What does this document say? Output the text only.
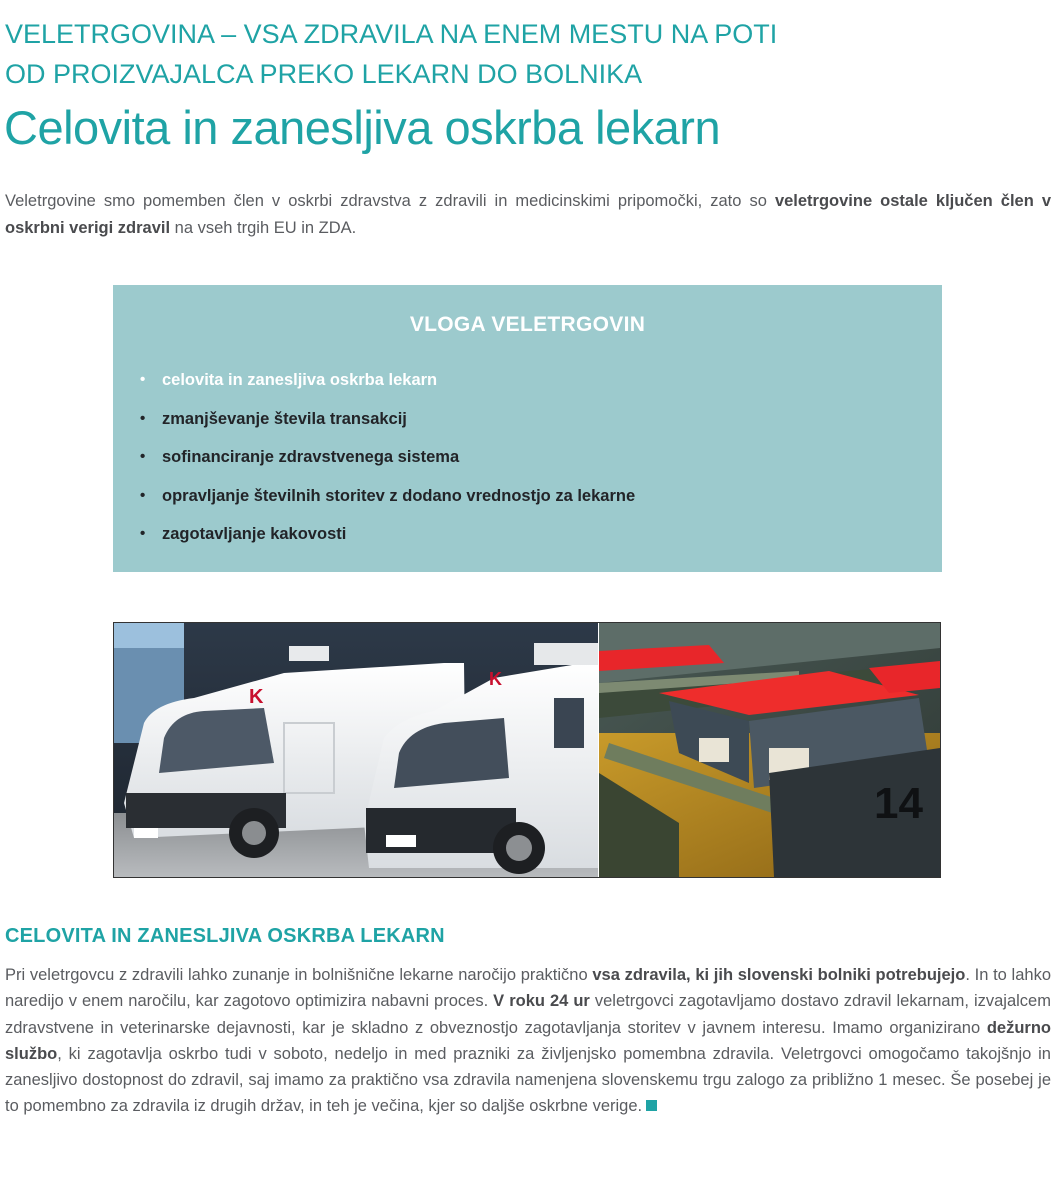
VELETRGOVINA – VSA ZDRAVILA NA ENEM MESTU NA POTI
OD PROIZVAJALCA PREKO LEKARN DO BOLNIKA
Celovita in zanesljiva oskrba lekarn

Veletrgovine smo pomemben člen v oskrbi zdravstva z zdravili in medicinskimi pripomočki, zato so veletrgovine ostale ključen člen v oskrbni verigi zdravil na vseh trgih EU in ZDA.

VLOGA VELETRGOVIN
• celovita in zanesljiva oskrba lekarn
• zmanjševanje števila transakcij
• sofinanciranje zdravstvenega sistema
• opravljanje številnih storitev z dodano vrednostjo za lekarne
• zagotavljanje kakovosti
K
K
14
CELOVITA IN ZANESLJIVA OSKRBA LEKARN

Pri veletrgovcu z zdravili lahko zunanje in bolnišnične lekarne naročijo praktično vsa zdravila, ki jih slovenski bolniki potrebujejo. In to lahko naredijo v enem naročilu, kar zagotovo optimizira nabavni proces. V roku 24 ur veletrgovci zagotavljamo dostavo zdravil lekarnam, izvajalcem zdravstvene in veterinarske dejavnosti, kar je skladno z obveznostjo zagotavljanja storitev v javnem interesu. Imamo organizirano dežurno službo, ki zagotavlja oskrbo tudi v soboto, nedeljo in med prazniki za življenjsko pomembna zdravila. Veletrgovci omogočamo takojšnjo in zanesljivo dostopnost do zdravil, saj imamo za praktično vsa zdravila namenjena slovenskemu trgu zalogo za približno 1 mesec. Še posebej je to pomembno za zdravila iz drugih držav, in teh je večina, kjer so daljše oskrbne verige.
